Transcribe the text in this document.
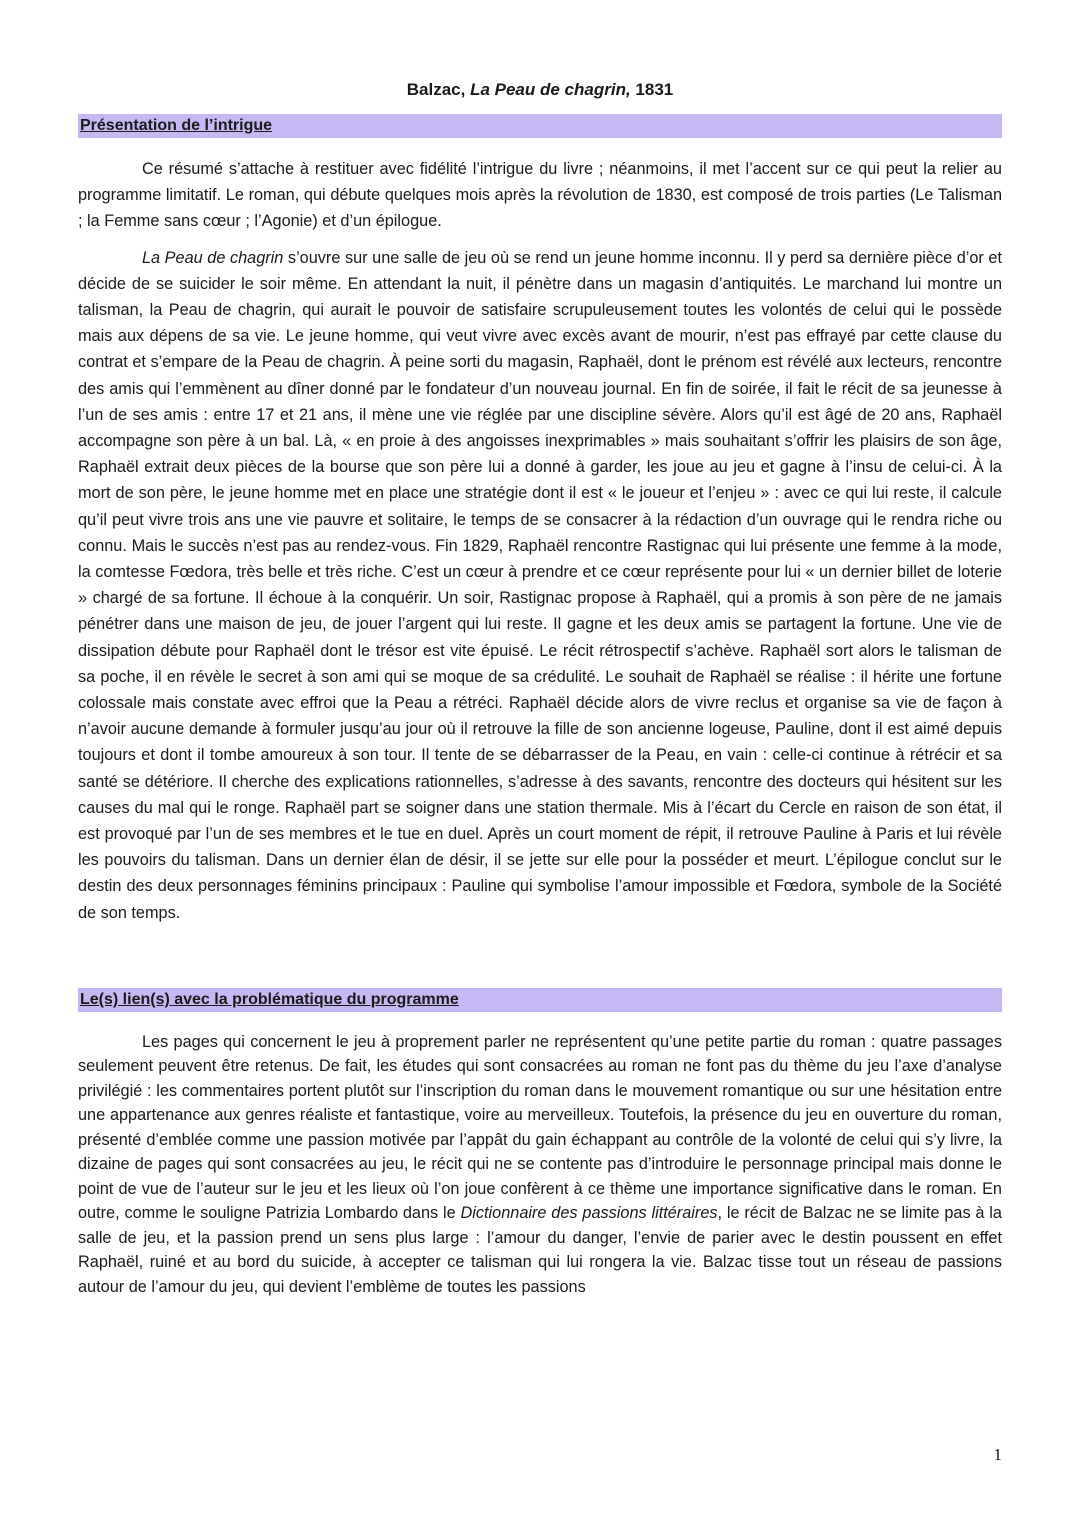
Balzac, La Peau de chagrin, 1831
Présentation de l’intrigue

Ce résumé s’attache à restituer avec fidélité l’intrigue du livre ; néanmoins, il met l’accent sur ce qui peut la relier au programme limitatif. Le roman, qui débute quelques mois après la révolution de 1830, est composé de trois parties (Le Talisman ; la Femme sans cœur ; l’Agonie) et d’un épilogue.

La Peau de chagrin s’ouvre sur une salle de jeu où se rend un jeune homme inconnu. Il y perd sa dernière pièce d’or et décide de se suicider le soir même. En attendant la nuit, il pénètre dans un magasin d’antiquités. Le marchand lui montre un talisman, la Peau de chagrin, qui aurait le pouvoir de satisfaire scrupuleusement toutes les volontés de celui qui le possède mais aux dépens de sa vie. Le jeune homme, qui veut vivre avec excès avant de mourir, n’est pas effrayé par cette clause du contrat et s’empare de la Peau de chagrin. À peine sorti du magasin, Raphaël, dont le prénom est révélé aux lecteurs, rencontre des amis qui l’emmènent au dîner donné par le fondateur d’un nouveau journal. En fin de soirée, il fait le récit de sa jeunesse à l’un de ses amis : entre 17 et 21 ans, il mène une vie réglée par une discipline sévère. Alors qu’il est âgé de 20 ans, Raphaël accompagne son père à un bal. Là, « en proie à des angoisses inexprimables » mais souhaitant s’offrir les plaisirs de son âge, Raphaël extrait deux pièces de la bourse que son père lui a donné à garder, les joue au jeu et gagne à l’insu de celui-ci. À la mort de son père, le jeune homme met en place une stratégie dont il est « le joueur et l’enjeu » : avec ce qui lui reste, il calcule qu’il peut vivre trois ans une vie pauvre et solitaire, le temps de se consacrer à la rédaction d’un ouvrage qui le rendra riche ou connu. Mais le succès n’est pas au rendez-vous. Fin 1829, Raphaël rencontre Rastignac qui lui présente une femme à la mode, la comtesse Fœdora, très belle et très riche. C’est un cœur à prendre et ce cœur représente pour lui « un dernier billet de loterie » chargé de sa fortune. Il échoue à la conquérir. Un soir, Rastignac propose à Raphaël, qui a promis à son père de ne jamais pénétrer dans une maison de jeu, de jouer l’argent qui lui reste. Il gagne et les deux amis se partagent la fortune. Une vie de dissipation débute pour Raphaël dont le trésor est vite épuisé. Le récit rétrospectif s’achève. Raphaël sort alors le talisman de sa poche, il en révèle le secret à son ami qui se moque de sa crédulité. Le souhait de Raphaël se réalise : il hérite une fortune colossale mais constate avec effroi que la Peau a rétréci. Raphaël décide alors de vivre reclus et organise sa vie de façon à n’avoir aucune demande à formuler jusqu’au jour où il retrouve la fille de son ancienne logeuse, Pauline, dont il est aimé depuis toujours et dont il tombe amoureux à son tour. Il tente de se débarrasser de la Peau, en vain : celle-ci continue à rétrécir et sa santé se détériore. Il cherche des explications rationnelles, s’adresse à des savants, rencontre des docteurs qui hésitent sur les causes du mal qui le ronge. Raphaël part se soigner dans une station thermale. Mis à l’écart du Cercle en raison de son état, il est provoqué par l’un de ses membres et le tue en duel. Après un court moment de répit, il retrouve Pauline à Paris et lui révèle les pouvoirs du talisman. Dans un dernier élan de désir, il se jette sur elle pour la posséder et meurt. L’épilogue conclut sur le destin des deux personnages féminins principaux : Pauline qui symbolise l’amour impossible et Fœdora, symbole de la Société de son temps.

Le(s) lien(s) avec la problématique du programme

Les pages qui concernent le jeu à proprement parler ne représentent qu’une petite partie du roman : quatre passages seulement peuvent être retenus. De fait, les études qui sont consacrées au roman ne font pas du thème du jeu l’axe d’analyse privilégié : les commentaires portent plutôt sur l’inscription du roman dans le mouvement romantique ou sur une hésitation entre une appartenance aux genres réaliste et fantastique, voire au merveilleux. Toutefois, la présence du jeu en ouverture du roman, présenté d’emblée comme une passion motivée par l’appât du gain échappant au contrôle de la volonté de celui qui s’y livre, la dizaine de pages qui sont consacrées au jeu, le récit qui ne se contente pas d’introduire le personnage principal mais donne le point de vue de l’auteur sur le jeu et les lieux où l’on joue confèrent à ce thème une importance significative dans le roman. En outre, comme le souligne Patrizia Lombardo dans le Dictionnaire des passions littéraires, le récit de Balzac ne se limite pas à la salle de jeu, et la passion prend un sens plus large : l’amour du danger, l’envie de parier avec le destin poussent en effet Raphaël, ruiné et au bord du suicide, à accepter ce talisman qui lui rongera la vie. Balzac tisse tout un réseau de passions autour de l’amour du jeu, qui devient l’emblème de toutes les passions

1
